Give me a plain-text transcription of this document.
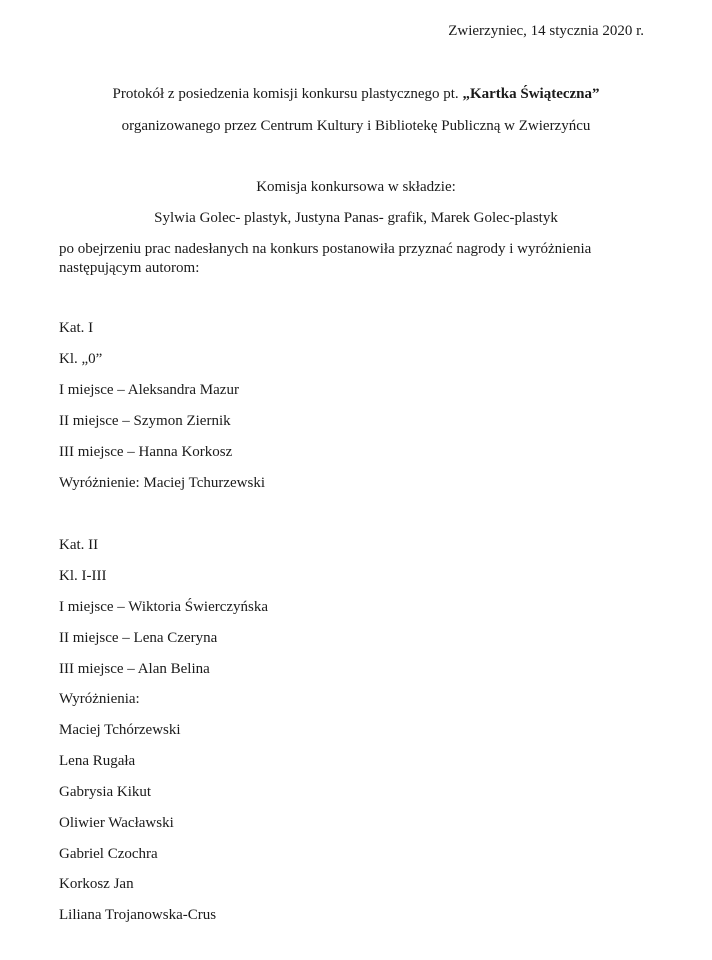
Zwierzyniec, 14 stycznia 2020 r.
Protokół z posiedzenia komisji konkursu plastycznego pt. „Kartka Świąteczna”
organizowanego przez Centrum Kultury i Bibliotekę Publiczną w Zwierzyńcu
Komisja konkursowa w składzie:
Sylwia Golec- plastyk, Justyna Panas- grafik, Marek Golec-plastyk
po obejrzeniu prac nadesłanych na konkurs postanowiła przyznać nagrody i wyróżnienia
następującym autorom:
Kat. I
Kl. „0”
I miejsce – Aleksandra Mazur
II miejsce – Szymon Ziernik
III miejsce – Hanna Korkosz
Wyróżnienie: Maciej Tchurzewski
Kat. II
Kl. I-III
I miejsce – Wiktoria Świerczyńska
II miejsce – Lena Czeryna
III miejsce – Alan Belina
Wyróżnienia:
Maciej Tchórzewski
Lena Rugała
Gabrysia Kikut
Oliwier Wacławski
Gabriel Czochra
Korkosz Jan
Liliana Trojanowska-Crus
